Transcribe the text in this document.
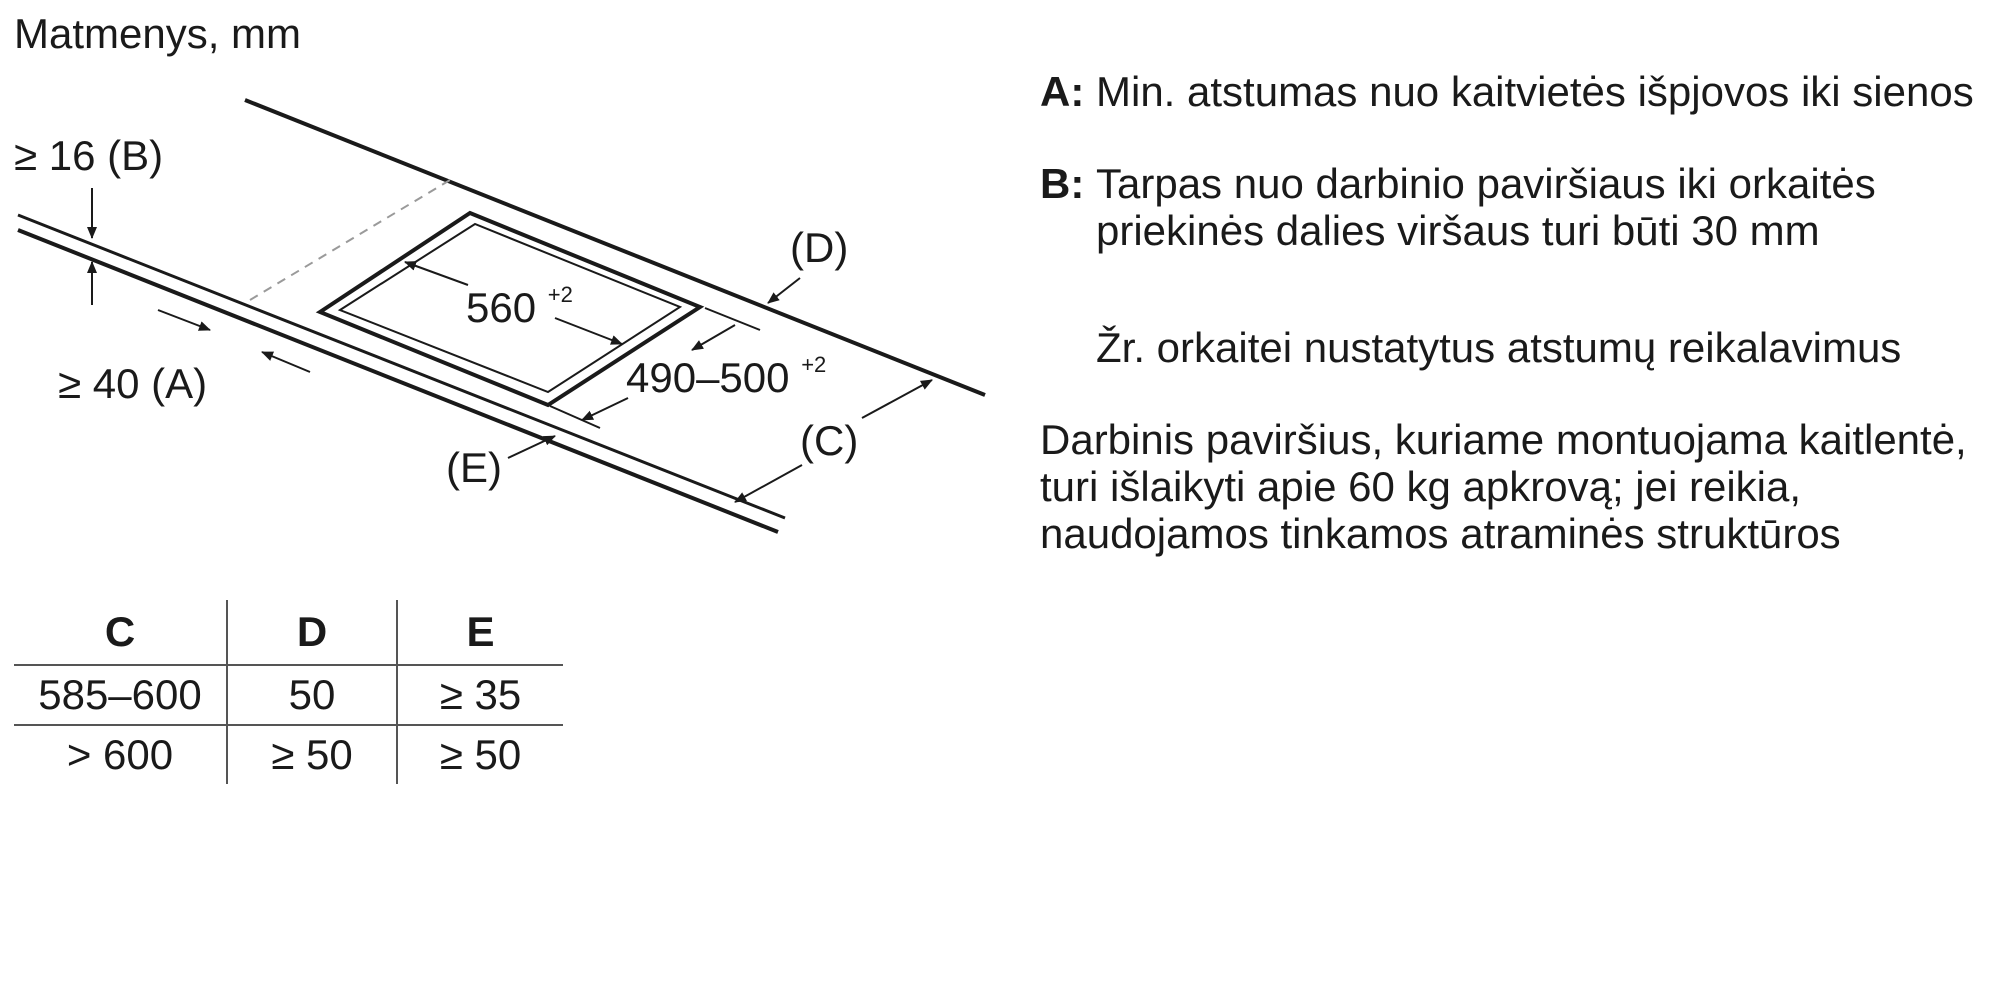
Matmenys, mm
≥ 16 (B)
≥ 40 (A)
560 $^{+2}$
490–500 $^{+2}$
(D)
(C)
(E)
C	D	E
585–600	50	≥ 35
> 600	≥ 50	≥ 50
A: Min. atstumas nuo kaitvietės išpjovos iki sienos
B: Tarpas nuo darbinio paviršiaus iki orkaitės priekinės dalies viršaus turi būti 30 mm
Žr. orkaitei nustatytus atstumų reikalavimus
Darbinis paviršius, kuriame montuojama kaitlentė, turi išlaikyti apie 60 kg apkrovą; jei reikia, naudojamos tinkamos atraminės struktūros
